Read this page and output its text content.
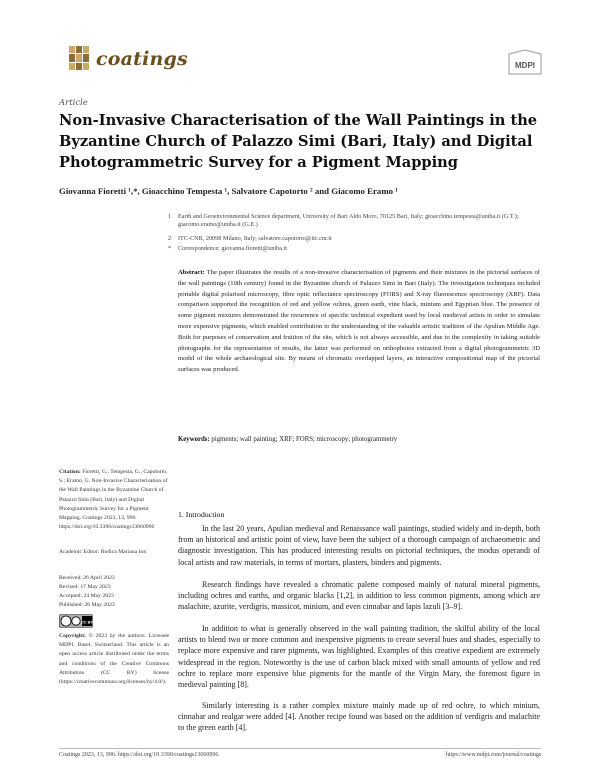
coatings	MDPI
Article
Non-Invasive Characterisation of the Wall Paintings in the Byzantine Church of Palazzo Simi (Bari, Italy) and Digital Photogrammetric Survey for a Pigment Mapping
Giovanna Fioretti ¹,*, Gioacchino Tempesta ¹, Salvatore Capotorto ² and Giacomo Eramo ¹
1 Earth and Geoenvironmental Science department, University of Bari Aldo Moro, 70125 Bari, Italy; gioacchino.tempesta@uniba.it (G.T.); giacomo.eramo@uniba.it (G.E.)
2 ITC-CNR, 20098 Milano, Italy; salvatore.capotorto@itc.cnr.it
* Correspondence: giovanna.fioretti@uniba.it

Abstract: The paper illustrates the results of a non-invasive characterisation of pigments and their mixtures in the pictorial surfaces of the wall paintings (10th century) found in the Byzantine church of Palazzo Simi in Bari (Italy). The investigation techniques included portable digital polarised microscopy, fibre optic reflectance spectroscopy (FORS) and X-ray fluorescence spectroscopy (XRF). Data comparison supported the recognition of red and yellow ochres, green earth, vine black, minium and Egyptian blue. The presence of some pigment mixtures demonstrated the recurrence of specific technical expedient used by local medieval artists in order to simulate more expensive pigments, which enabled contribution to the understanding of the valuable artistic tradition of the Apulian Middle Age. Both for purposes of conservation and fruition of the site, which is not always accessible, and due to the complexity in taking suitable photographs for the representation of results, the latter was performed on orthophotos extracted from a digital photogrammetric 3D model of the whole archaeological site. By means of chromatic overlapped layers, an interactive compositional map of the pictorial surfaces was produced.

Keywords: pigments; wall painting; XRF; FORS; microscopy; photogrammetry
Citation: Fioretti, G.; Tempesta, G.; Capotorto, S.; Eramo, G. Non-Invasive Characterisation of the Wall Paintings in the Byzantine Church of Palazzo Simi (Bari, Italy) and Digital Photogrammetric Survey for a Pigment Mapping. Coatings 2023, 13, 996. https://doi.org/10.3390/coatings13060996
Academic Editor: Rodica Mariana Ion
Received: 26 April 2023
Revised: 17 May 2023
Accepted: 24 May 2023
Published: 26 May 2023
CC BY
Copyright: © 2023 by the authors. Licensee MDPI, Basel, Switzerland. This article is an open access article distributed under the terms and conditions of the Creative Commons Attribution (CC BY) license (https://creativecommons.org/licenses/by/4.0/).
1. Introduction

In the last 20 years, Apulian medieval and Renaissance wall paintings, studied widely and in-depth, both from an historical and artistic point of view, have been the subject of a thorough campaign of archaeometric and diagnostic investigation. This has produced interesting results on pictorial techniques, the modus operandi of local artists and raw materials, in terms of mortars, plasters, binders and pigments.

Research findings have revealed a chromatic palette composed mainly of natural mineral pigments, including ochres and earths, and organic blacks [1,2], in addition to less common pigments, among which are malachite, azurite, verdigris, massicot, minium, and even cinnabar and lapis lazuli [3–9].

In addition to what is generally observed in the wall painting tradition, the skilful ability of the local artists to blend two or more common and inexpensive pigments to create several hues and shades, especially to replace more expensive and rarer pigments, was highlighted. Examples of this creative expedient are extremely widespread in the region. Noteworthy is the use of carbon black mixed with small amounts of yellow and red ochre to replace more expensive blue pigments for the mantle of the Virgin Mary, the foremost figure in medieval painting [8].

Similarly interesting is a rather complex mixture mainly made up of red ochre, to which minium, cinnabar and realgar were added [4]. Another recipe found was based on the addition of verdigris and malachite to the green earth [4].

Coatings 2023, 13, 996. https://doi.org/10.3390/coatings13060996	https://www.mdpi.com/journal/coatings
